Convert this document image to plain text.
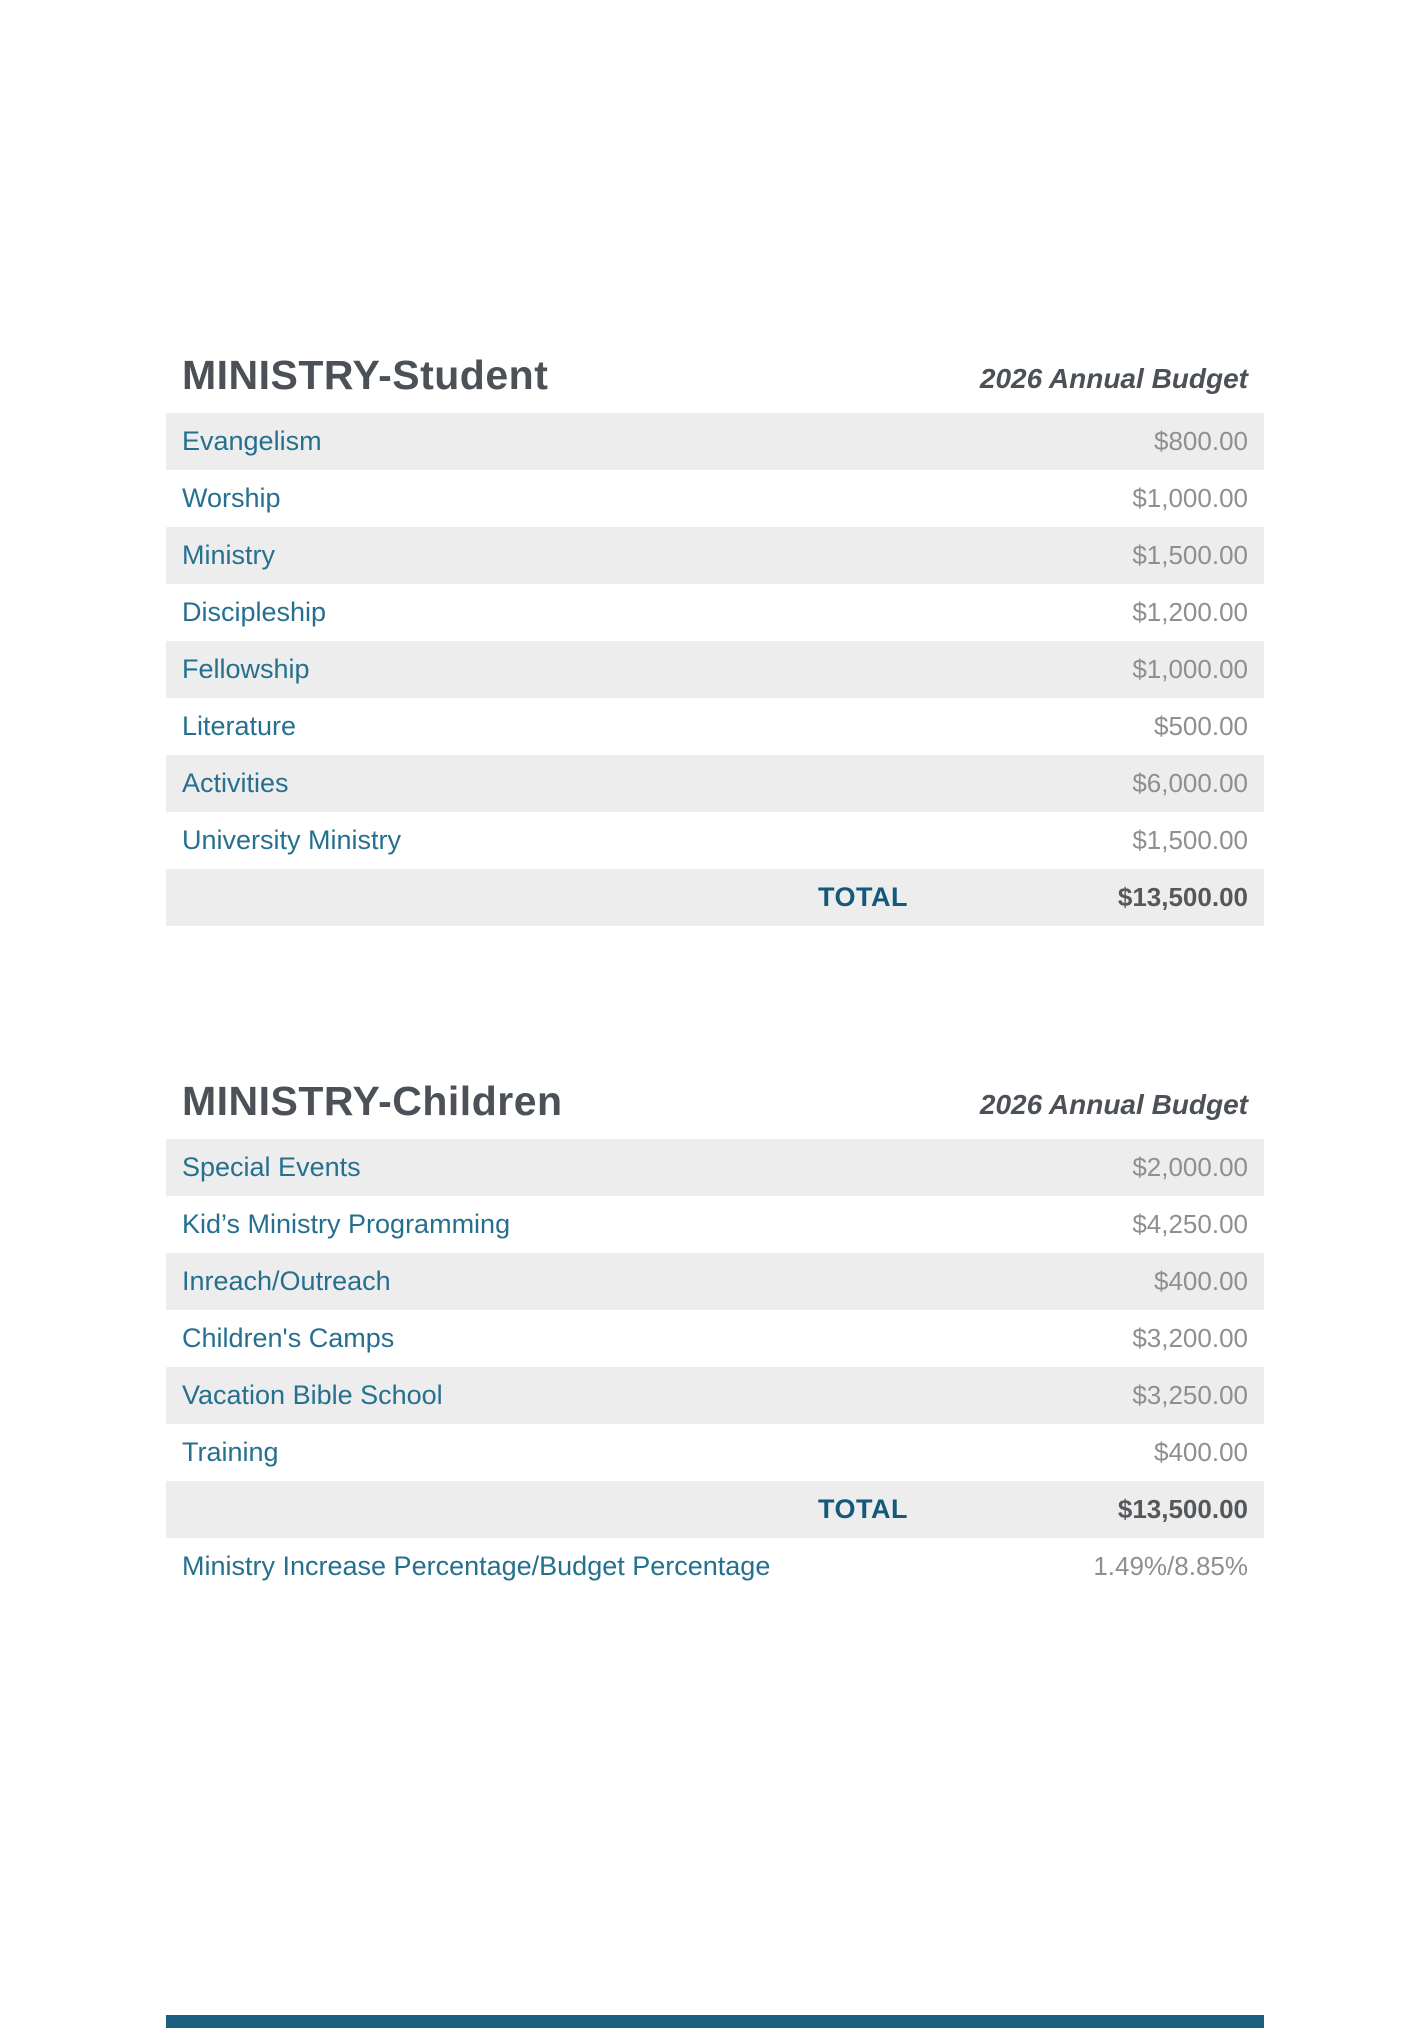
MINISTRY-Student	2026 Annual Budget
Evangelism	$800.00
Worship	$1,000.00
Ministry	$1,500.00
Discipleship	$1,200.00
Fellowship	$1,000.00
Literature	$500.00
Activities	$6,000.00
University Ministry	$1,500.00
TOTAL	$13,500.00
MINISTRY-Children	2026 Annual Budget
Special Events	$2,000.00
Kid’s Ministry Programming	$4,250.00
Inreach/Outreach	$400.00
Children's Camps	$3,200.00
Vacation Bible School	$3,250.00
Training	$400.00
TOTAL	$13,500.00
Ministry Increase Percentage/Budget Percentage	1.49%/8.85%
